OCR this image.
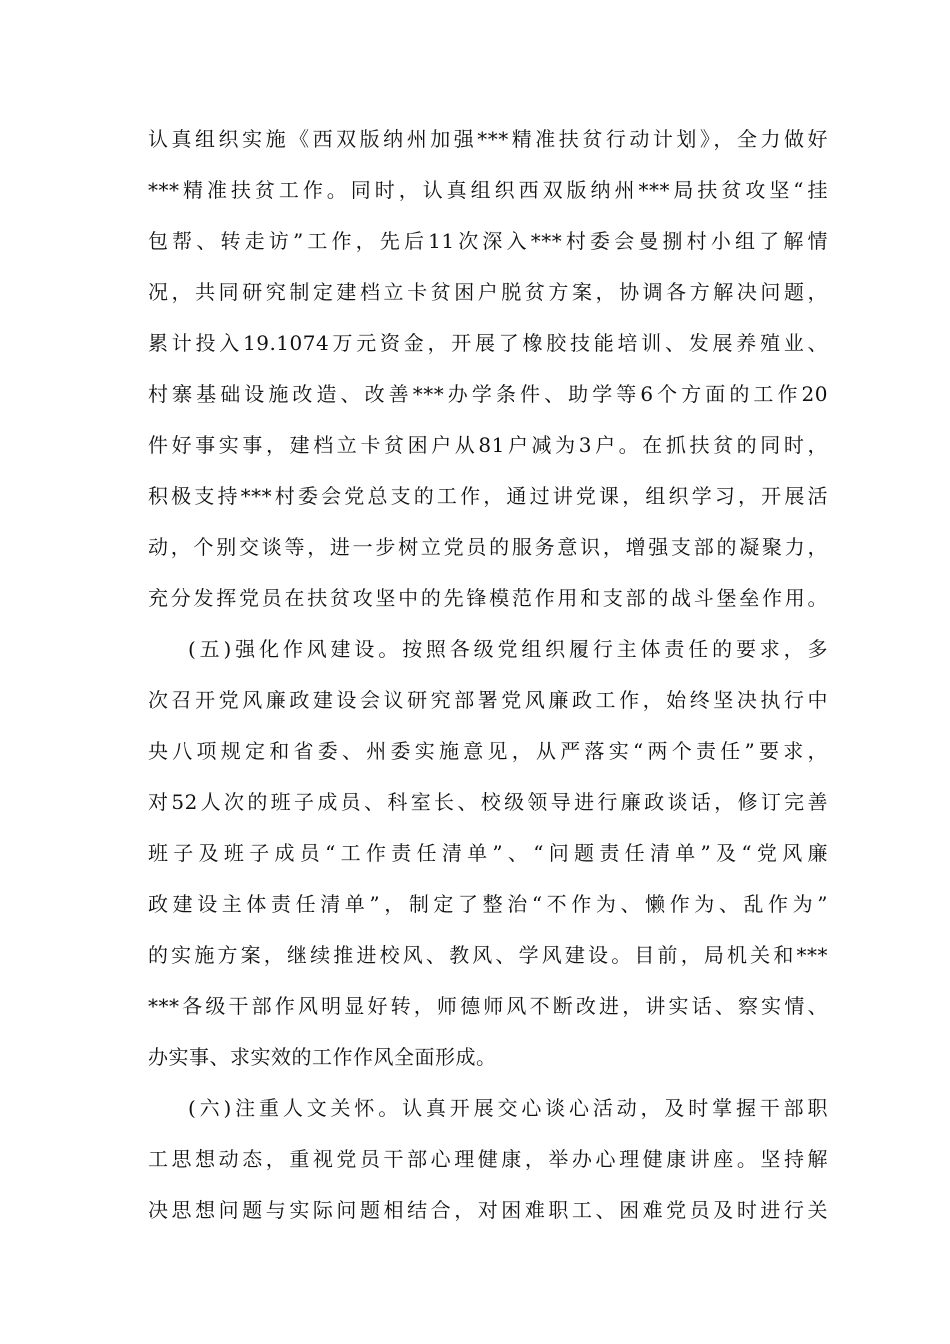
认真组织实施《西双版纳州加强***精准扶贫行动计划》，全力做好
***精准扶贫工作。同时，认真组织西双版纳州***局扶贫攻坚“挂
包帮、转走访”工作，先后11次深入***村委会曼捌村小组了解情
况，共同研究制定建档立卡贫困户脱贫方案，协调各方解决问题，
累计投入19.1074万元资金，开展了橡胶技能培训、发展养殖业、
村寨基础设施改造、改善***办学条件、助学等6个方面的工作20
件好事实事，建档立卡贫困户从81户减为3户。在抓扶贫的同时，
积极支持***村委会党总支的工作，通过讲党课，组织学习，开展活
动，个别交谈等，进一步树立党员的服务意识，增强支部的凝聚力，
充分发挥党员在扶贫攻坚中的先锋模范作用和支部的战斗堡垒作用。
(五)强化作风建设。按照各级党组织履行主体责任的要求，多
次召开党风廉政建设会议研究部署党风廉政工作，始终坚决执行中
央八项规定和省委、州委实施意见，从严落实“两个责任”要求，
对52人次的班子成员、科室长、校级领导进行廉政谈话，修订完善
班子及班子成员“工作责任清单”、“问题责任清单”及“党风廉
政建设主体责任清单”，制定了整治“不作为、懒作为、乱作为”
的实施方案，继续推进校风、教风、学风建设。目前，局机关和***
***各级干部作风明显好转，师德师风不断改进，讲实话、察实情、
办实事、求实效的工作作风全面形成。
(六)注重人文关怀。认真开展交心谈心活动，及时掌握干部职
工思想动态，重视党员干部心理健康，举办心理健康讲座。坚持解
决思想问题与实际问题相结合，对困难职工、困难党员及时进行关
